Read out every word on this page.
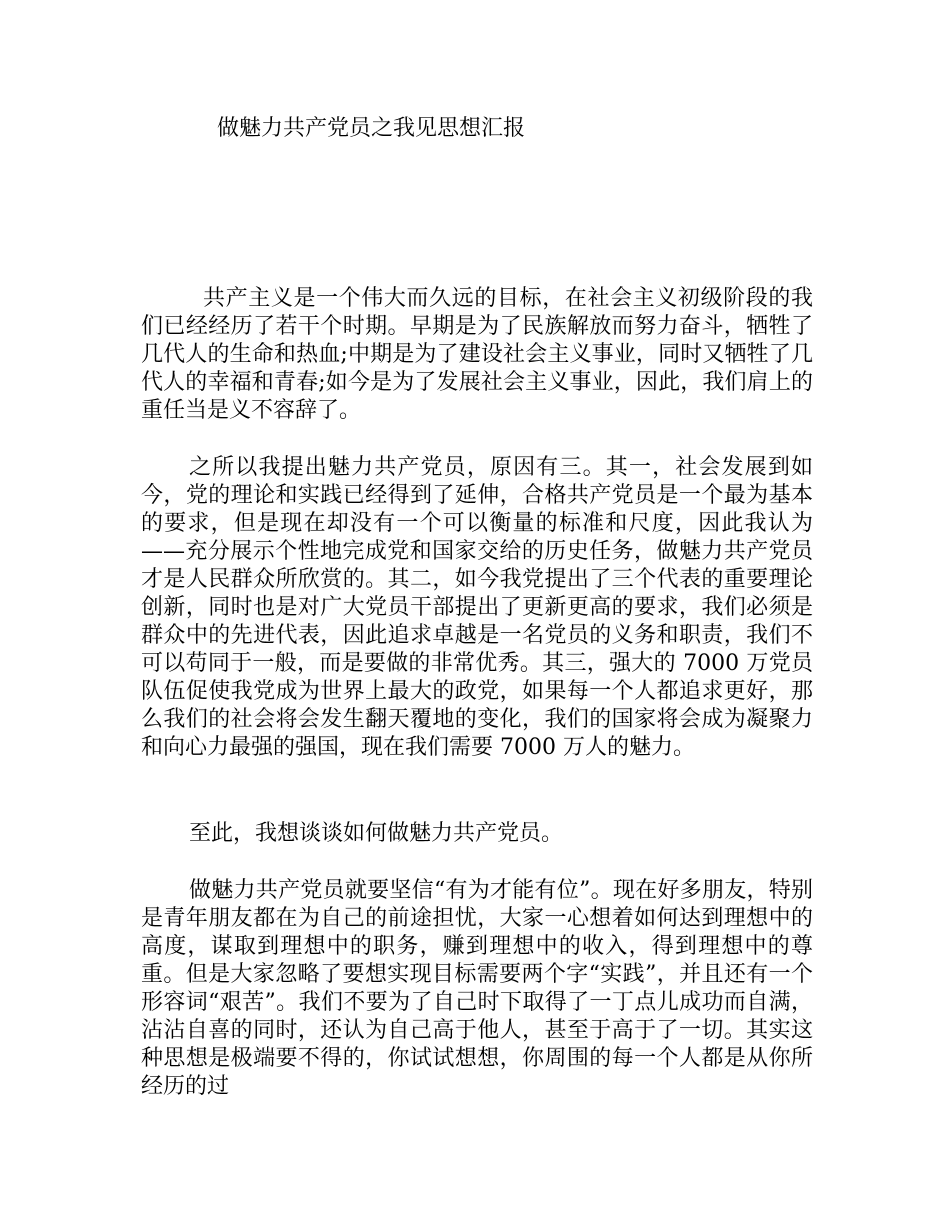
做魅力共产党员之我见思想汇报

共产主义是一个伟大而久远的目标，在社会主义初级阶段的我们已经经历了若干个时期。早期是为了民族解放而努力奋斗，牺牲了几代人的生命和热血;中期是为了建设社会主义事业，同时又牺牲了几代人的幸福和青春;如今是为了发展社会主义事业，因此，我们肩上的重任当是义不容辞了。

之所以我提出魅力共产党员，原因有三。其一，社会发展到如今，党的理论和实践已经得到了延伸，合格共产党员是一个最为基本的要求，但是现在却没有一个可以衡量的标准和尺度，因此我认为——充分展示个性地完成党和国家交给的历史任务，做魅力共产党员才是人民群众所欣赏的。其二，如今我党提出了三个代表的重要理论创新，同时也是对广大党员干部提出了更新更高的要求，我们必须是群众中的先进代表，因此追求卓越是一名党员的义务和职责，我们不可以苟同于一般，而是要做的非常优秀。其三，强大的 7000 万党员队伍促使我党成为世界上最大的政党，如果每一个人都追求更好，那么我们的社会将会发生翻天覆地的变化，我们的国家将会成为凝聚力和向心力最强的强国，现在我们需要 7000 万人的魅力。

至此，我想谈谈如何做魅力共产党员。

做魅力共产党员就要坚信“有为才能有位”。现在好多朋友，特别是青年朋友都在为自己的前途担忧，大家一心想着如何达到理想中的高度，谋取到理想中的职务，赚到理想中的收入，得到理想中的尊重。但是大家忽略了要想实现目标需要两个字“实践”，并且还有一个形容词“艰苦”。我们不要为了自己时下取得了一丁点儿成功而自满，沾沾自喜的同时，还认为自己高于他人，甚至于高于了一切。其实这种思想是极端要不得的，你试试想想，你周围的每一个人都是从你所经历的过
